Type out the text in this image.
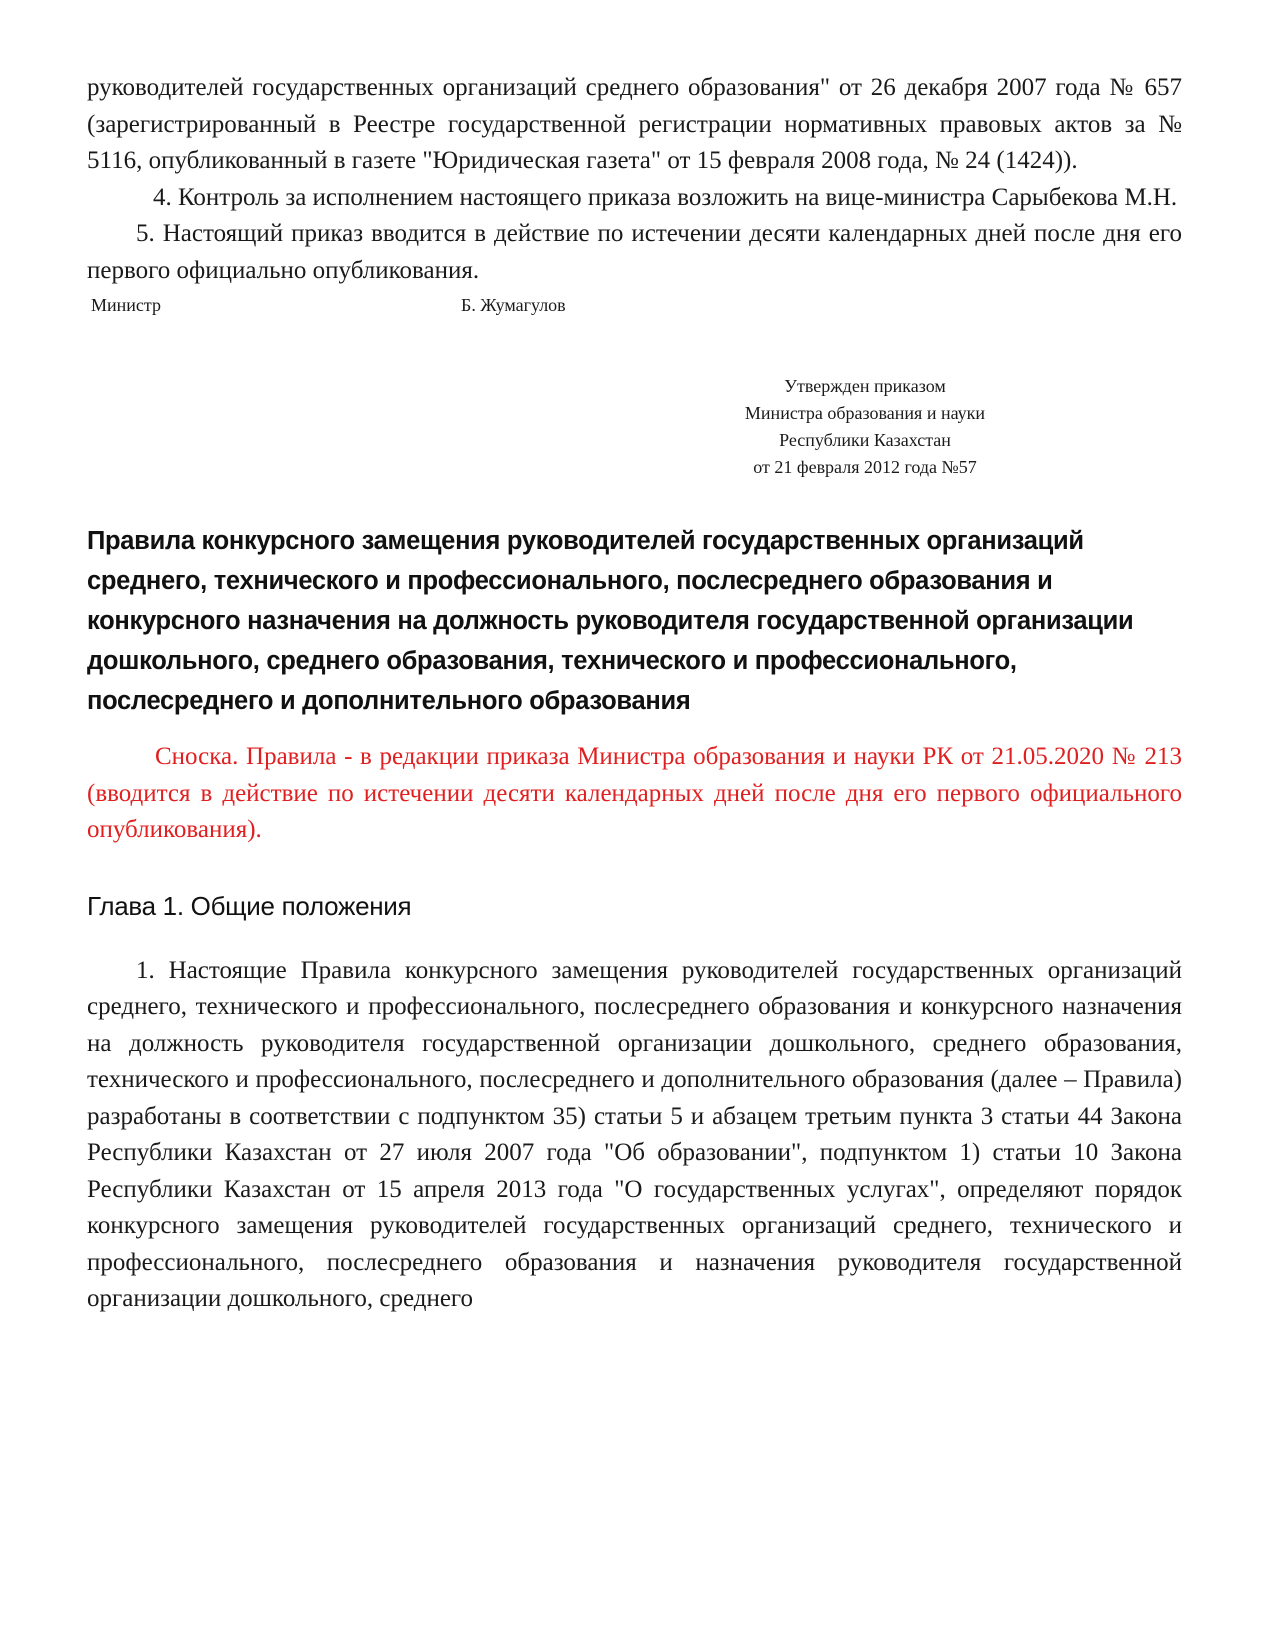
руководителей государственных организаций среднего образования" от 26 декабря 2007 года № 657 (зарегистрированный в Реестре государственной регистрации нормативных правовых актов за № 5116, опубликованный в газете "Юридическая газета" от 15 февраля 2008 года, № 24 (1424)).

4. Контроль за исполнением настоящего приказа возложить на вице-министра Сарыбекова М.Н.

5. Настоящий приказ вводится в действие по истечении десяти календарных дней после дня его первого официально опубликования.

Министр	Б. Жумагулов
Утвержден приказом
Министра образования и науки
Республики Казахстан
от 21 февраля 2012 года №57
Правила конкурсного замещения руководителей государственных организаций среднего, технического и профессионального, послесреднего образования и конкурсного назначения на должность руководителя государственной организации дошкольного, среднего образования, технического и профессионального, послесреднего и дополнительного образования

Сноска. Правила - в редакции приказа Министра образования и науки РК от 21.05.2020 № 213 (вводится в действие по истечении десяти календарных дней после дня его первого официального опубликования).

Глава 1. Общие положения

1. Настоящие Правила конкурсного замещения руководителей государственных организаций среднего, технического и профессионального, послесреднего образования и конкурсного назначения на должность руководителя государственной организации дошкольного, среднего образования, технического и профессионального, послесреднего и дополнительного образования (далее – Правила) разработаны в соответствии с подпунктом 35) статьи 5 и абзацем третьим пункта 3 статьи 44 Закона Республики Казахстан от 27 июля 2007 года "Об образовании", подпунктом 1) статьи 10 Закона Республики Казахстан от 15 апреля 2013 года "О государственных услугах", определяют порядок конкурсного замещения руководителей государственных организаций среднего, технического и профессионального, послесреднего образования и назначения руководителя государственной организации дошкольного, среднего
